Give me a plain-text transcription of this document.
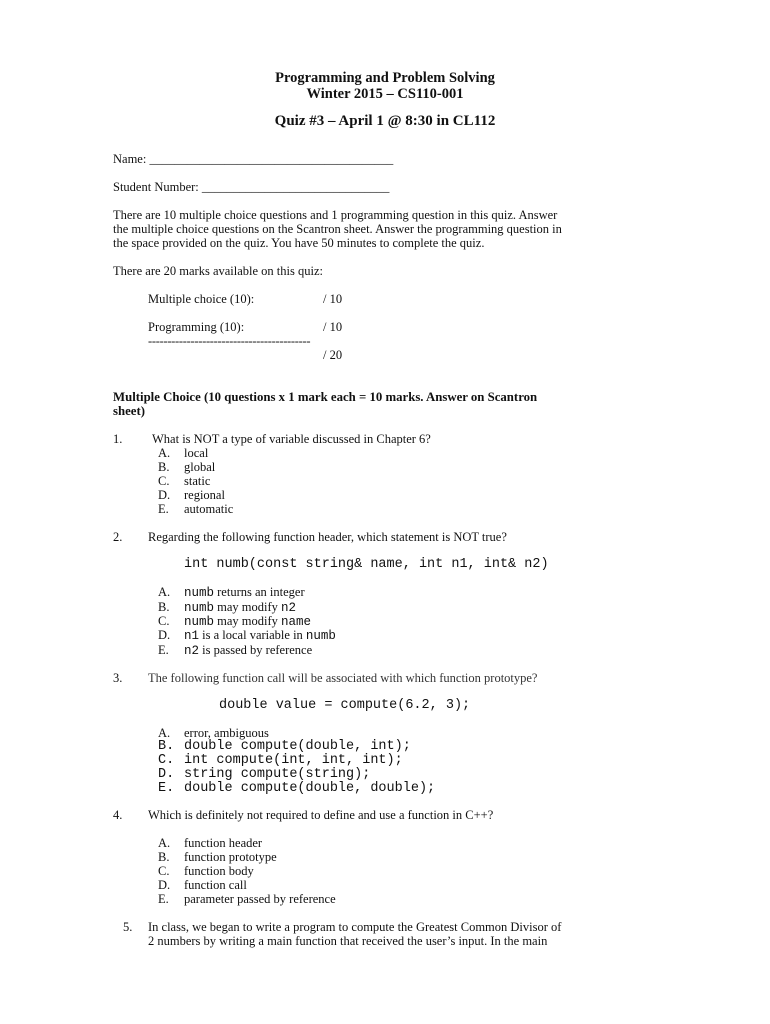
Programming and Problem Solving
Winter 2015 – CS110-001
Quiz #3 – April 1 @ 8:30 in CL112
Name: _______________________________________
Student Number: ______________________________
There are 10 multiple choice questions and 1 programming question in this quiz. Answer
the multiple choice questions on the Scantron sheet. Answer the programming question in
the space provided on the quiz. You have 50 minutes to complete the quiz.
There are 20 marks available on this quiz:
Multiple choice (10):	/ 10
Programming (10):	/ 10
------------------------------------------
/ 20
Multiple Choice (10 questions x 1 mark each = 10 marks. Answer on Scantron
sheet)
1. What is NOT a type of variable discussed in Chapter 6?
A. local
B. global
C. static
D. regional
E. automatic
2. Regarding the following function header, which statement is NOT true?
int numb(const string& name, int n1, int& n2)
A. numb returns an integer
B. numb may modify n2
C. numb may modify name
D. n1 is a local variable in numb
E. n2 is passed by reference
3. The following function call will be associated with which function prototype?
double value = compute(6.2, 3);
A. error, ambiguous
B. double compute(double, int);
C. int compute(int, int, int);
D. string compute(string);
E. double compute(double, double);
4. Which is definitely not required to define and use a function in C++?
A. function header
B. function prototype
C. function body
D. function call
E. parameter passed by reference
5. In class, we began to write a program to compute the Greatest Common Divisor of
2 numbers by writing a main function that received the user’s input. In the main
